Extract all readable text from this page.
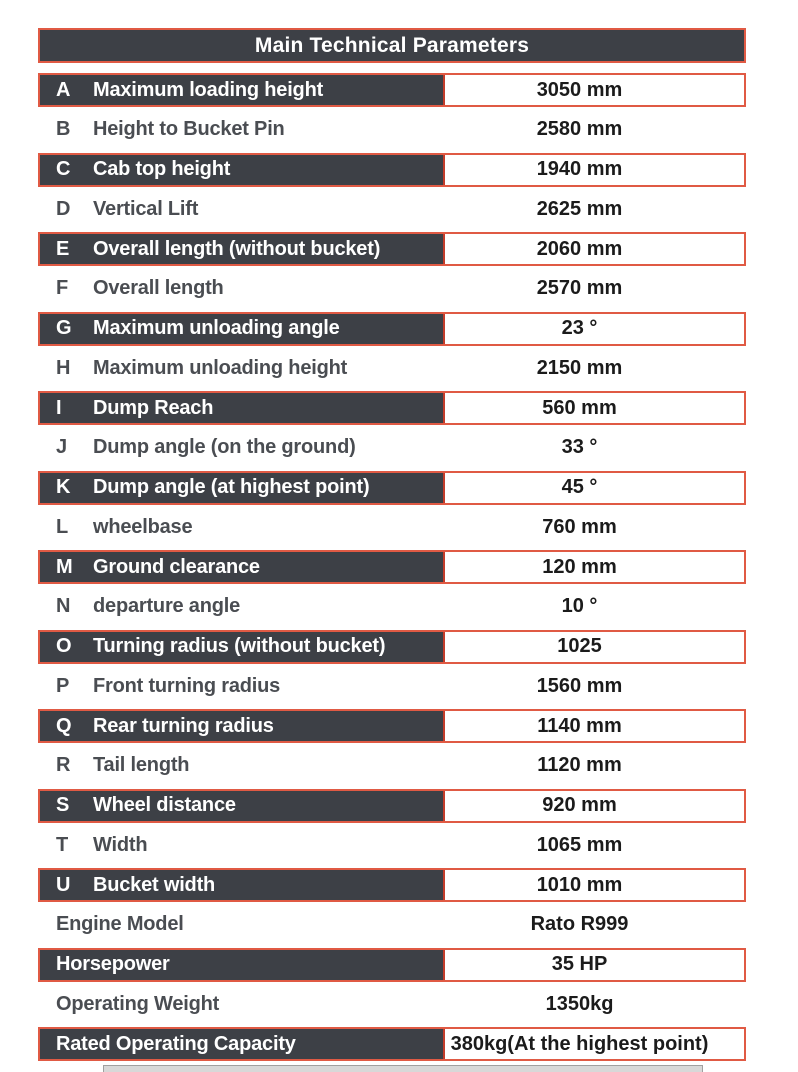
Main Technical Parameters
A	Maximum loading height	3050 mm
B	Height to Bucket Pin	2580 mm
C	Cab top height	1940 mm
D	Vertical Lift	2625 mm
E	Overall length (without bucket)	2060 mm
F	Overall length	2570 mm
G	Maximum unloading angle	23 °
H	Maximum unloading height	2150 mm
I	Dump Reach	560 mm
J	Dump angle (on the ground)	33 °
K	Dump angle (at highest point)	45 °
L	wheelbase	760 mm
M	Ground clearance	120 mm
N	departure angle	10 °
O	Turning radius (without bucket)	1025
P	Front turning radius	1560 mm
Q	Rear turning radius	1140 mm
R	Tail length	1120 mm
S	Wheel distance	920 mm
T	Width	1065 mm
U	Bucket width	1010 mm
Engine Model	Rato R999
Horsepower	35 HP
Operating Weight	1350kg
Rated Operating Capacity	380kg(At the highest point)
